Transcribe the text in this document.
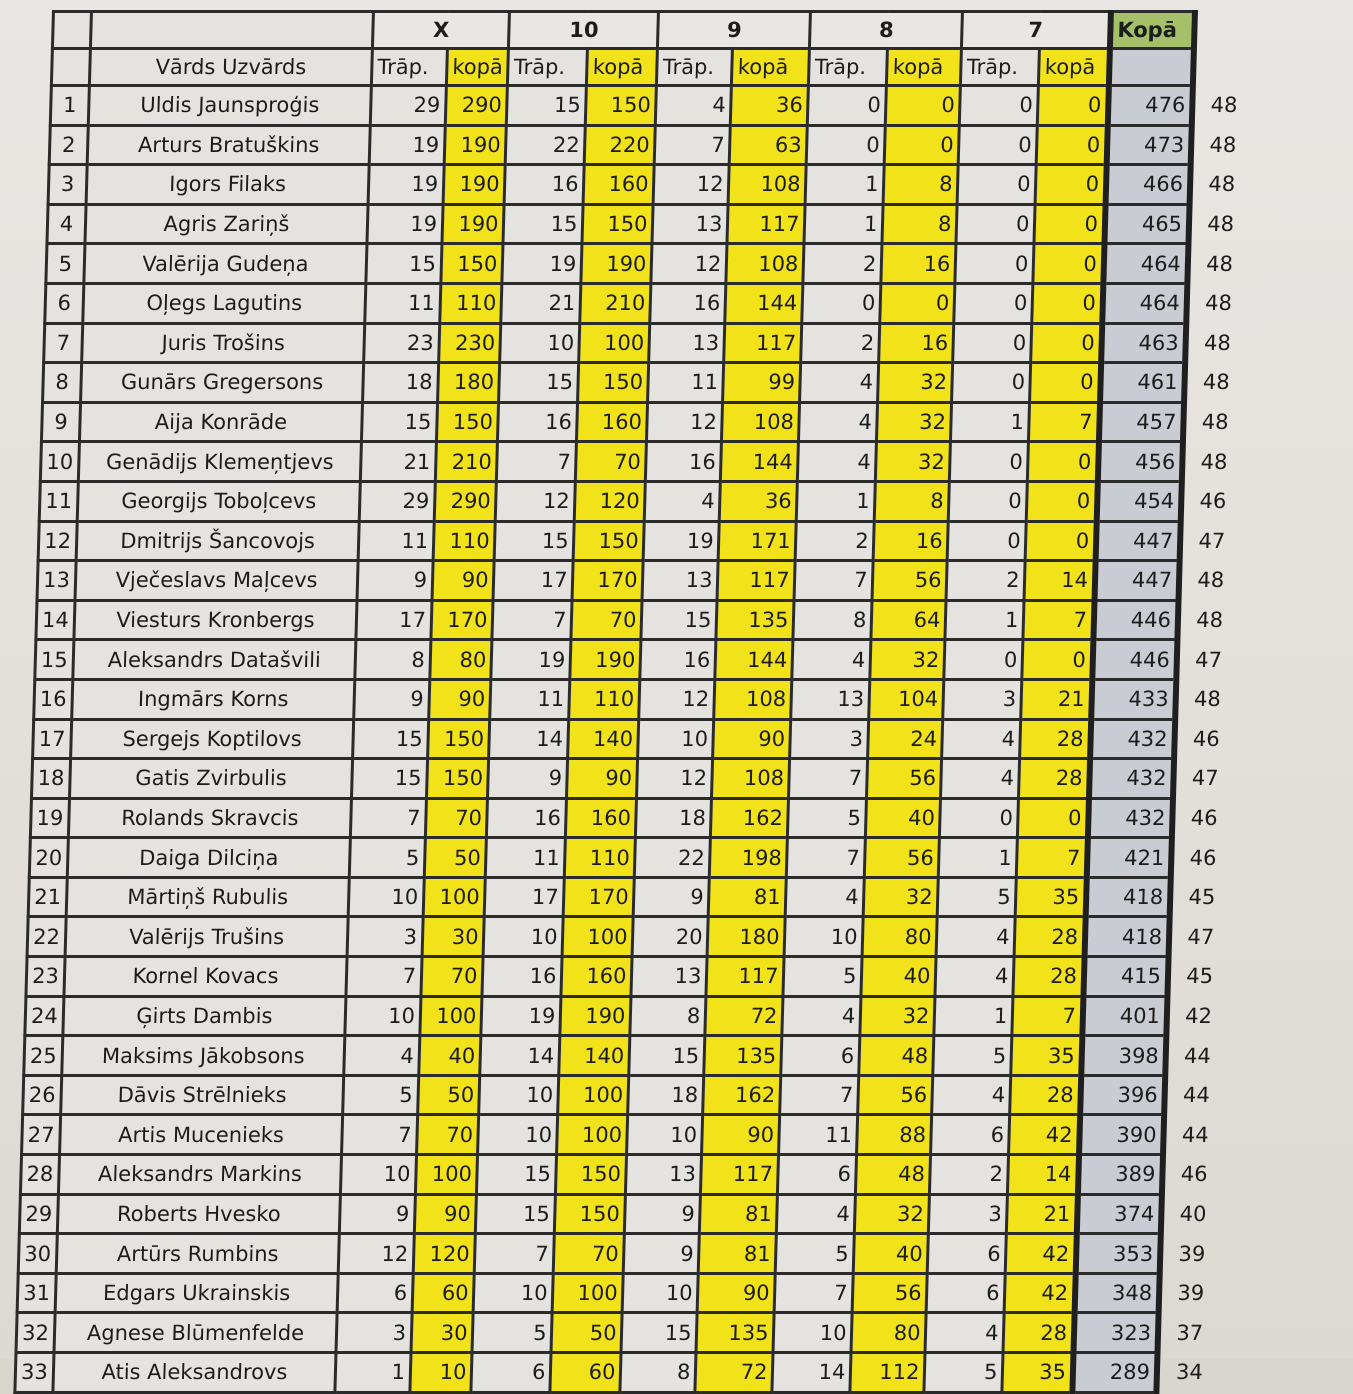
		X		10		9		8		7		Kopā	
	Vārds Uzvārds	Trāp.	kopā	Trāp.	kopā	Trāp.	kopā	Trāp.	kopā	Trāp.	kopā		
1	Uldis Jaunsproģis	29	290	15	150	4	36	0	0	0	0	476	48
2	Arturs Bratuškins	19	190	22	220	7	63	0	0	0	0	473	48
3	Igors Filaks	19	190	16	160	12	108	1	8	0	0	466	48
4	Agris Zariņš	19	190	15	150	13	117	1	8	0	0	465	48
5	Valērija Gudeņa	15	150	19	190	12	108	2	16	0	0	464	48
6	Oļegs Lagutins	11	110	21	210	16	144	0	0	0	0	464	48
7	Juris Trošins	23	230	10	100	13	117	2	16	0	0	463	48
8	Gunārs Gregersons	18	180	15	150	11	99	4	32	0	0	461	48
9	Aija Konrāde	15	150	16	160	12	108	4	32	1	7	457	48
10	Genādijs Klemeņtjevs	21	210	7	70	16	144	4	32	0	0	456	48
11	Georgijs Toboļcevs	29	290	12	120	4	36	1	8	0	0	454	46
12	Dmitrijs Šancovojs	11	110	15	150	19	171	2	16	0	0	447	47
13	Vječeslavs Maļcevs	9	90	17	170	13	117	7	56	2	14	447	48
14	Viesturs Kronbergs	17	170	7	70	15	135	8	64	1	7	446	48
15	Aleksandrs Datašvili	8	80	19	190	16	144	4	32	0	0	446	47
16	Ingmārs Korns	9	90	11	110	12	108	13	104	3	21	433	48
17	Sergejs Koptilovs	15	150	14	140	10	90	3	24	4	28	432	46
18	Gatis Zvirbulis	15	150	9	90	12	108	7	56	4	28	432	47
19	Rolands Skravcis	7	70	16	160	18	162	5	40	0	0	432	46
20	Daiga Dilciņa	5	50	11	110	22	198	7	56	1	7	421	46
21	Mārtiņš Rubulis	10	100	17	170	9	81	4	32	5	35	418	45
22	Valērijs Trušins	3	30	10	100	20	180	10	80	4	28	418	47
23	Kornel Kovacs	7	70	16	160	13	117	5	40	4	28	415	45
24	Ģirts Dambis	10	100	19	190	8	72	4	32	1	7	401	42
25	Maksims Jākobsons	4	40	14	140	15	135	6	48	5	35	398	44
26	Dāvis Strēlnieks	5	50	10	100	18	162	7	56	4	28	396	44
27	Artis Mucenieks	7	70	10	100	10	90	11	88	6	42	390	44
28	Aleksandrs Markins	10	100	15	150	13	117	6	48	2	14	389	46
29	Roberts Hvesko	9	90	15	150	9	81	4	32	3	21	374	40
30	Artūrs Rumbins	12	120	7	70	9	81	5	40	6	42	353	39
31	Edgars Ukrainskis	6	60	10	100	10	90	7	56	6	42	348	39
32	Agnese Blūmenfelde	3	30	5	50	15	135	10	80	4	28	323	37
33	Atis Aleksandrovs	1	10	6	60	8	72	14	112	5	35	289	34
